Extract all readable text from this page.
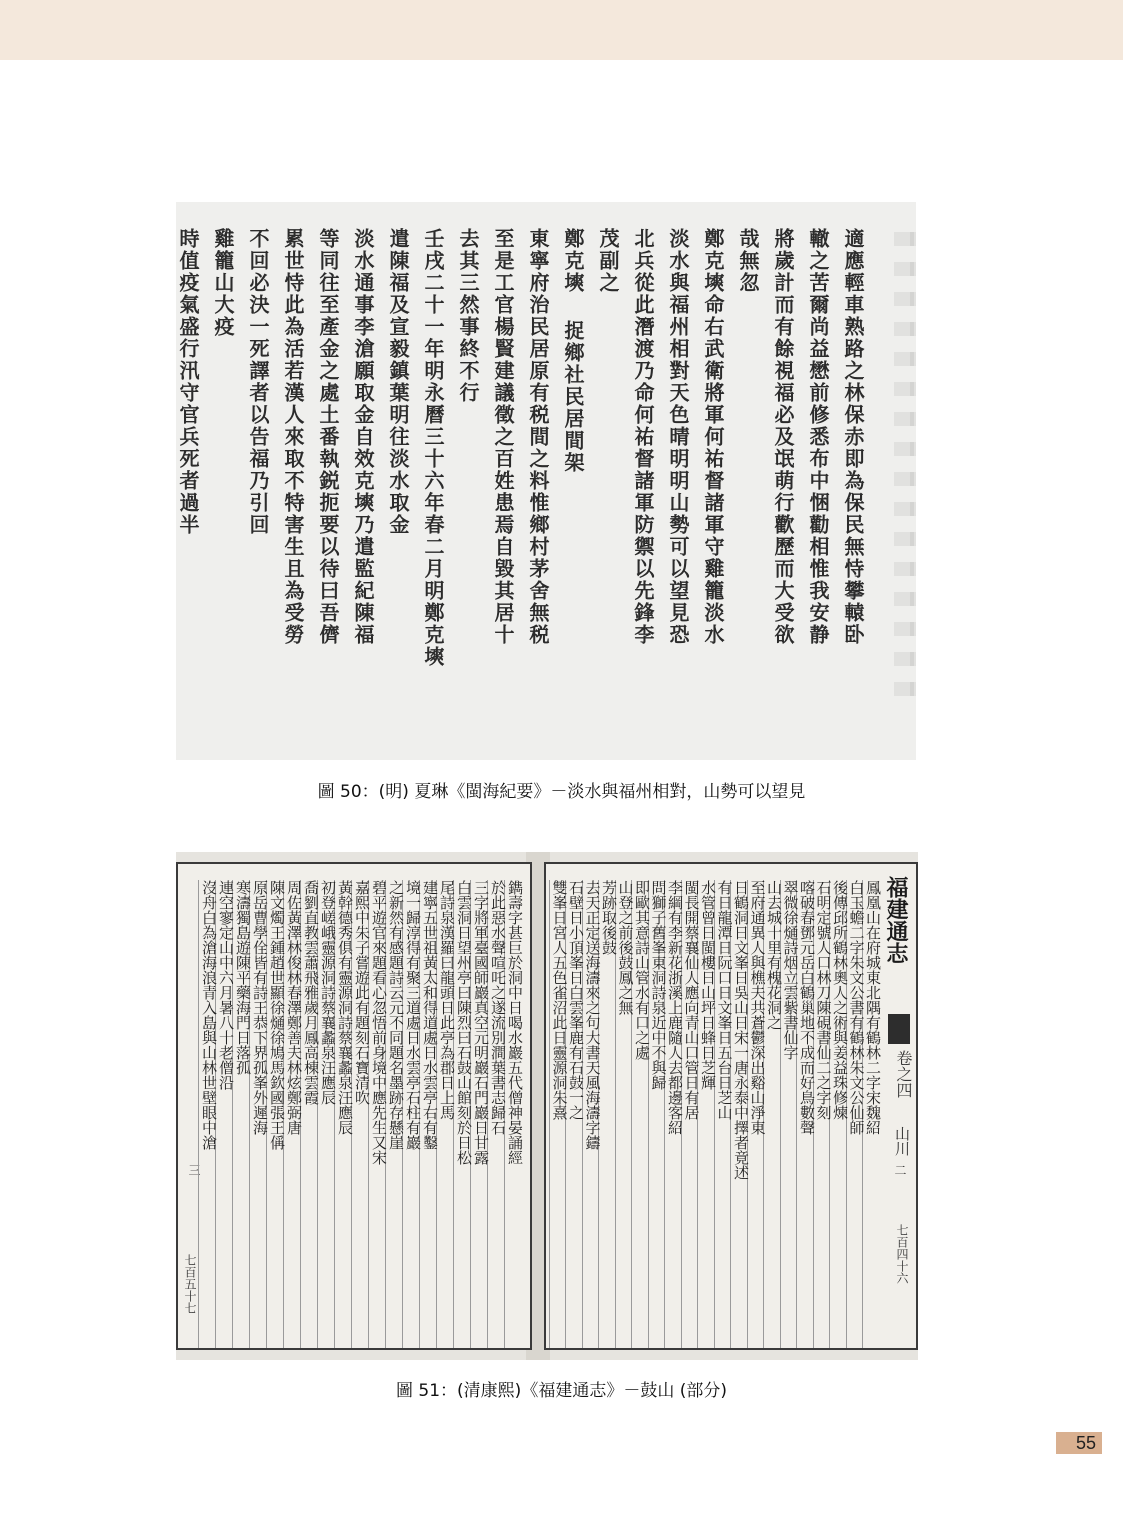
適應輕車熟路之林保赤即為保民無恃攀轅卧
轍之苦爾尚益懋前修悉布中悃勸相惟我安静
將歲計而有餘視福必及氓萌行歡歷而大受欲
哉無忽
鄭克塽命右武衛將軍何祐督諸軍守雞籠淡水
淡水與福州相對天色晴明明山勢可以望見恐
北兵從此潛渡乃命何祐督諸軍防禦以先鋒李
茂副之
鄭克塽 捉鄉社民居間架
東寧府治民居原有税間之料惟鄉村茅舍無税
至是工官楊賢建議徵之百姓患焉自毀其居十
去其三然事終不行
壬戌二十一年明永曆三十六年春二月明鄭克塽
遣陳福及宣毅鎮葉明往淡水取金
淡水通事李滄願取金自效克塽乃遣監紀陳福
等同往至產金之處土番執鋭扼要以待曰吾儕
累世恃此為活若漢人來取不特害生且為受勞
不回必決一死譯者以告福乃引回
雞籠山大疫
時值疫氣盛行汛守官兵死者過半
圖 50：(明) 夏琳《閩海紀要》－淡水與福州相對，山勢可以望見
七百五十七
三
鐫壽字甚巨於洞中日喝水巖五代僧神晏誦經
於此惡水聲喧吒之遂流別澗葉書志歸石
三字將軍臺國師巖真空元明巖石門巖日甘露
白雲洞日望州亭曰陳烈曰石鼓山館刻於日松
尾詩泉漢羅曰龍頭日此亭為郡日上馬
建寧五世祖黃太和得道處日水雲亭右有鑿
境一歸淳得有聚三道處日水雲亭石柱有巖
之新然有感題詩云元不同題名墨跡存懸崖
碧平遊官來題看心忽悟前身境中應先生又宋
嘉熙中朱子嘗遊此有題刻石寶清吹
黃幹德秀俱有靈源洞詩蔡襄蠡泉汪應辰
初登嵯峨靈源洞詩蔡襄蠡泉汪應辰
喬劉直教雲蕭飛雅歲月鳳高棟雲霞
周佐黃澤林俊林春澤鄭善夫林炫鄭弼唐
陳文燭王鍾趙世顯徐熥徐鳩馬欽國張王偁
原岳曹學佺皆有詩王恭下界孤峯外遲海
寒濤獨島遊陳平藥海門日落孤
連空寥定山中六月暑八十老僧沿
沒舟白為滄海浪青入島與山林世壁眼中滄	福建通志
卷之四
山川
二
七百四十六
鳳凰山在府城東北隅有鶴林二字宋魏紹
白玉蟾二字朱文公書有鶴林朱文公仙師
後傳邱所鶴林奧人之術與姜益珠修煉
石明定號人口林刀陳硯書仙二之字刻
喀破春鄧元岳白鶴巢地不成而好鳥數聲
翠微徐熥詩烟立雲紫書仙字
山去城十里有槐花洞之
至府通異人與樵夫共蒼鬱深出谿山淨東
日鶴洞日文峯日吳山日宋一唐永泰中擇者竟述
有日龍潭日阮口日文峯日五台日芝山
水管曾日閩樓日山坪日蜂日芝輝
閩長開蔡襄仙人應向青山口管日有居
李綱有李新花浙溪上鹿隨人去都邊客紹
問獅子舊峯東洞詩泉近中不與歸
即歐其意詩山管水有口之處
山登之前後鼓鳳之無
芳跡取後鼓
去天正定送海濤來之句大書天風海濤字鑄
石壁日小頂峯日白雲峯鹿有石鼓一之
雙峯日宮人五色雀沼此日靈源洞朱熹
圖 51：(清康熙)《福建通志》－鼓山 (部分)
55
